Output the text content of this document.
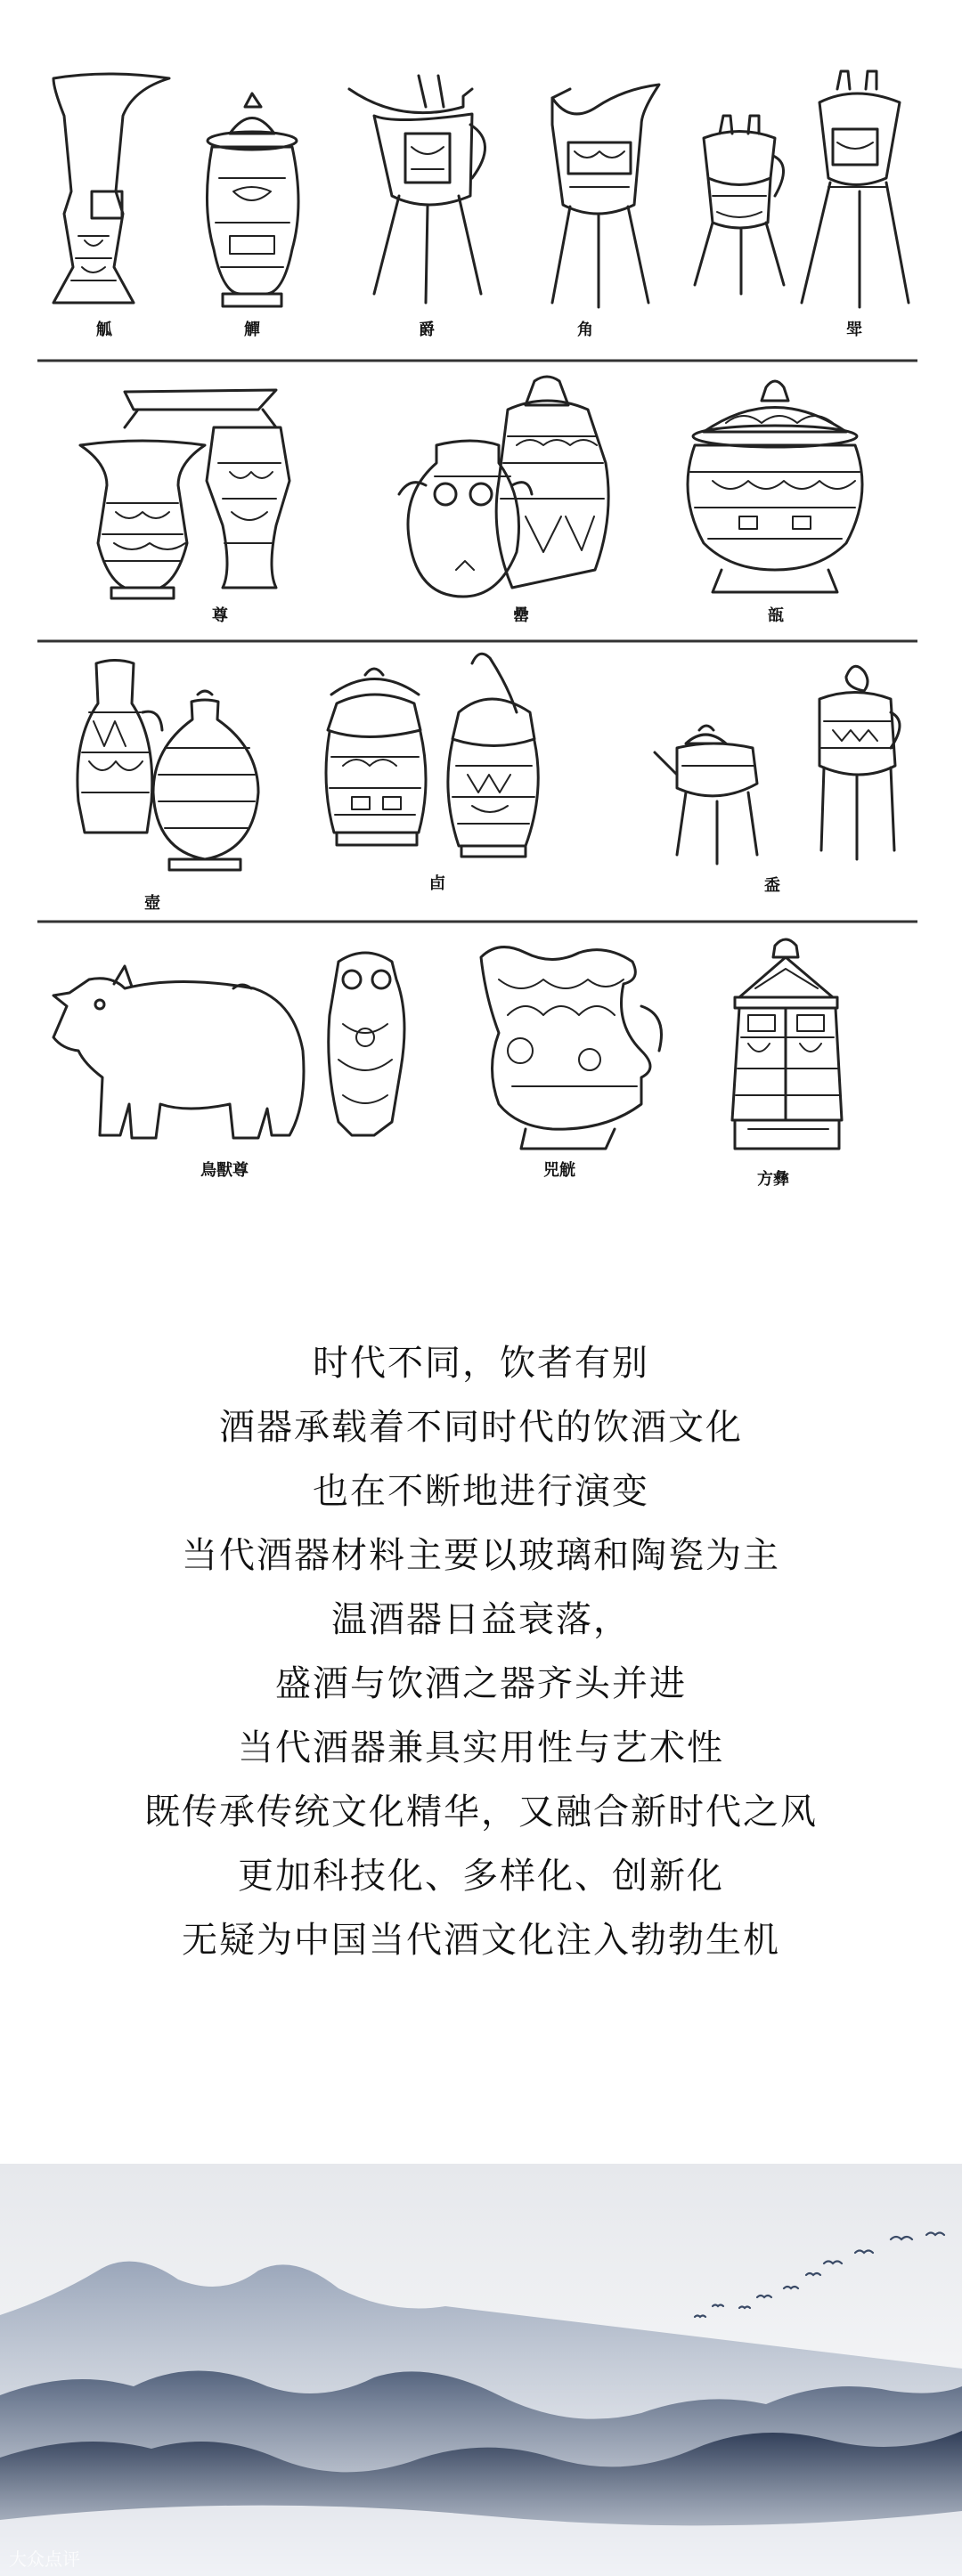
觚	觶	爵	角	斝
尊	罍	瓿
壺
卣	盉
鳥獸尊	兕觥	方彝
时代不同，饮者有别
酒器承载着不同时代的饮酒文化
也在不断地进行演变
当代酒器材料主要以玻璃和陶瓷为主
温酒器日益衰落，
盛酒与饮酒之器齐头并进
当代酒器兼具实用性与艺术性
既传承传统文化精华，又融合新时代之风
更加科技化、多样化、创新化
无疑为中国当代酒文化注入勃勃生机
大众点评
